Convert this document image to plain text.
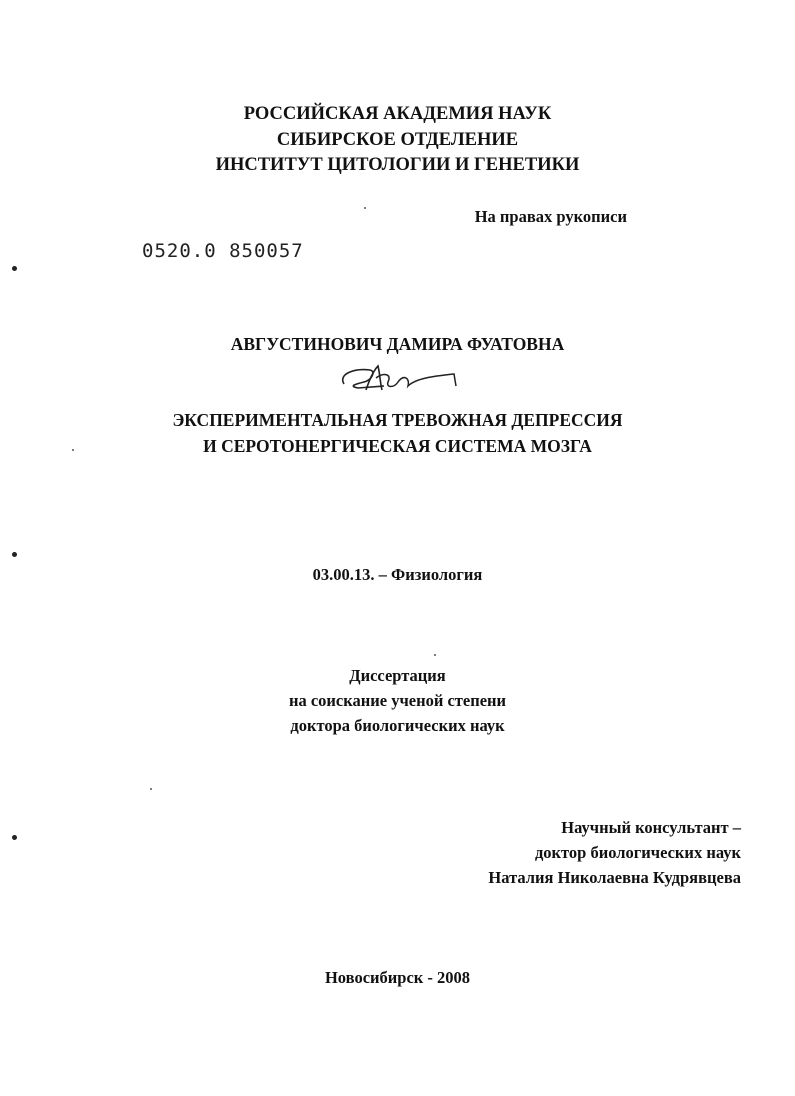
РОССИЙСКАЯ АКАДЕМИЯ НАУК
СИБИРСКОЕ ОТДЕЛЕНИЕ
ИНСТИТУТ ЦИТОЛОГИИ И ГЕНЕТИКИ
На правах рукописи
0520.0 850057
АВГУСТИНОВИЧ ДАМИРА ФУАТОВНА
ЭКСПЕРИМЕНТАЛЬНАЯ ТРЕВОЖНАЯ ДЕПРЕССИЯ
И СЕРОТОНЕРГИЧЕСКАЯ СИСТЕМА МОЗГА
03.00.13. – Физиология
Диссертация
на соискание ученой степени
доктора биологических наук
Научный консультант –
доктор биологических наук
Наталия Николаевна Кудрявцева
Новосибирск - 2008
